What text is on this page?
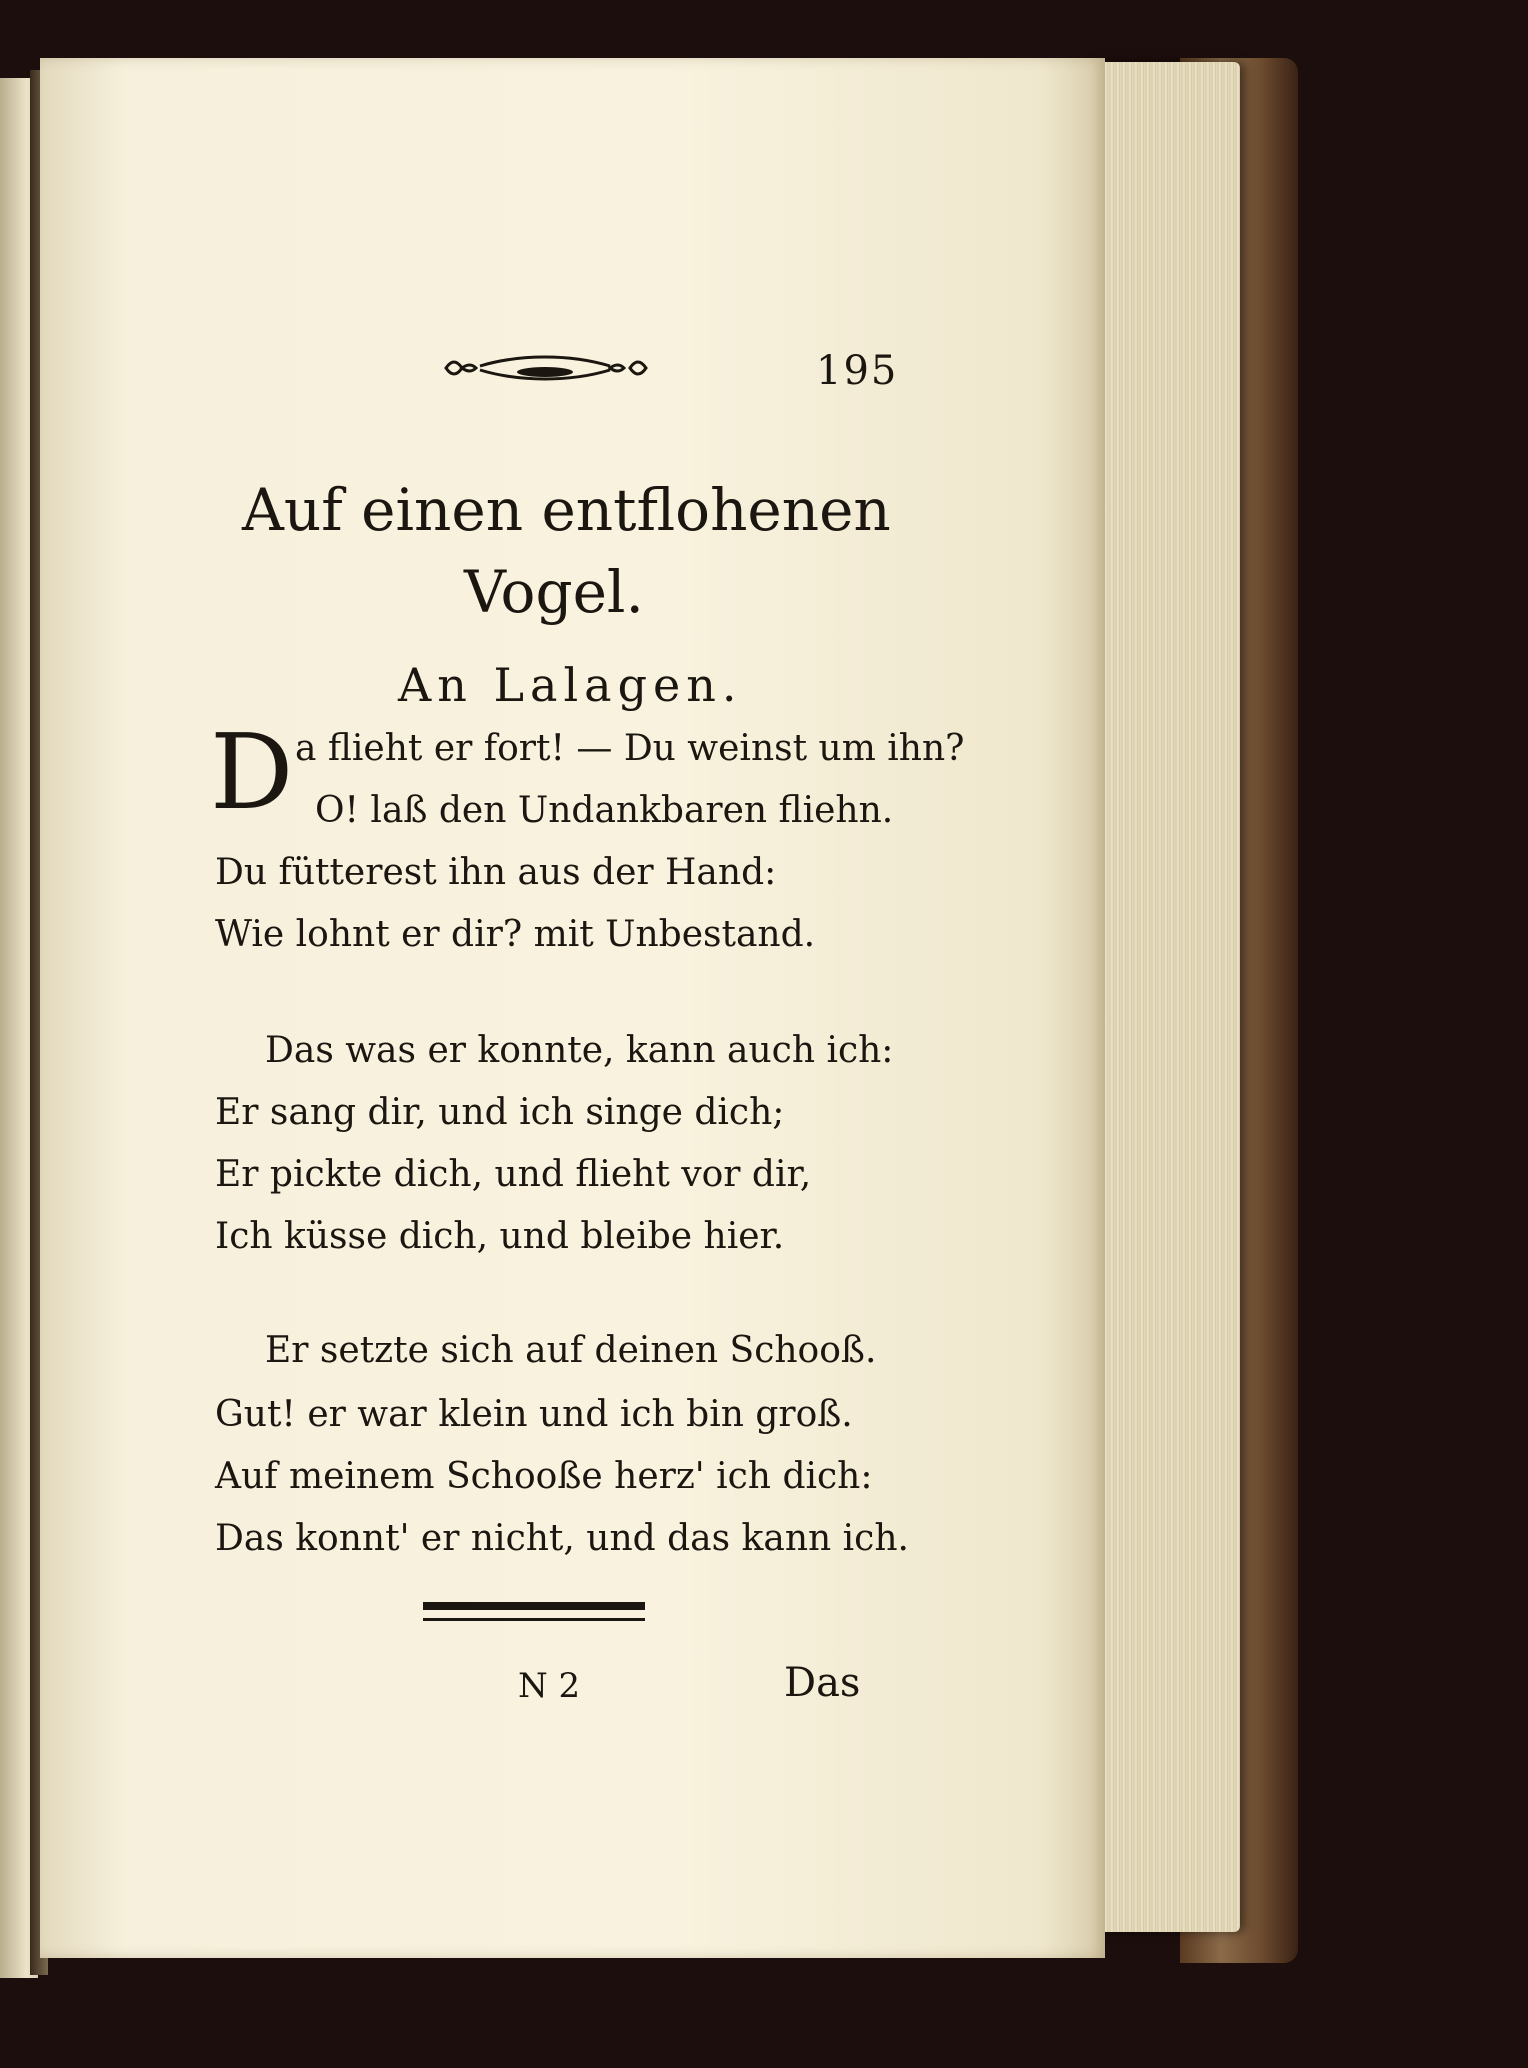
195
Auf einen entflohenen
Vogel.
An Lalagen.
D a flieht er fort! — Du weinst um ihn?
O! laß den Undankbaren fliehn.
Du fütterest ihn aus der Hand:
Wie lohnt er dir? mit Unbestand.
Das was er konnte, kann auch ich:
Er sang dir, und ich singe dich;
Er pickte dich, und flieht vor dir,
Ich küsse dich, und bleibe hier.
Er setzte sich auf deinen Schooß.
Gut! er war klein und ich bin groß.
Auf meinem Schooße herz' ich dich:
Das konnt' er nicht, und das kann ich.
N 2	Das
